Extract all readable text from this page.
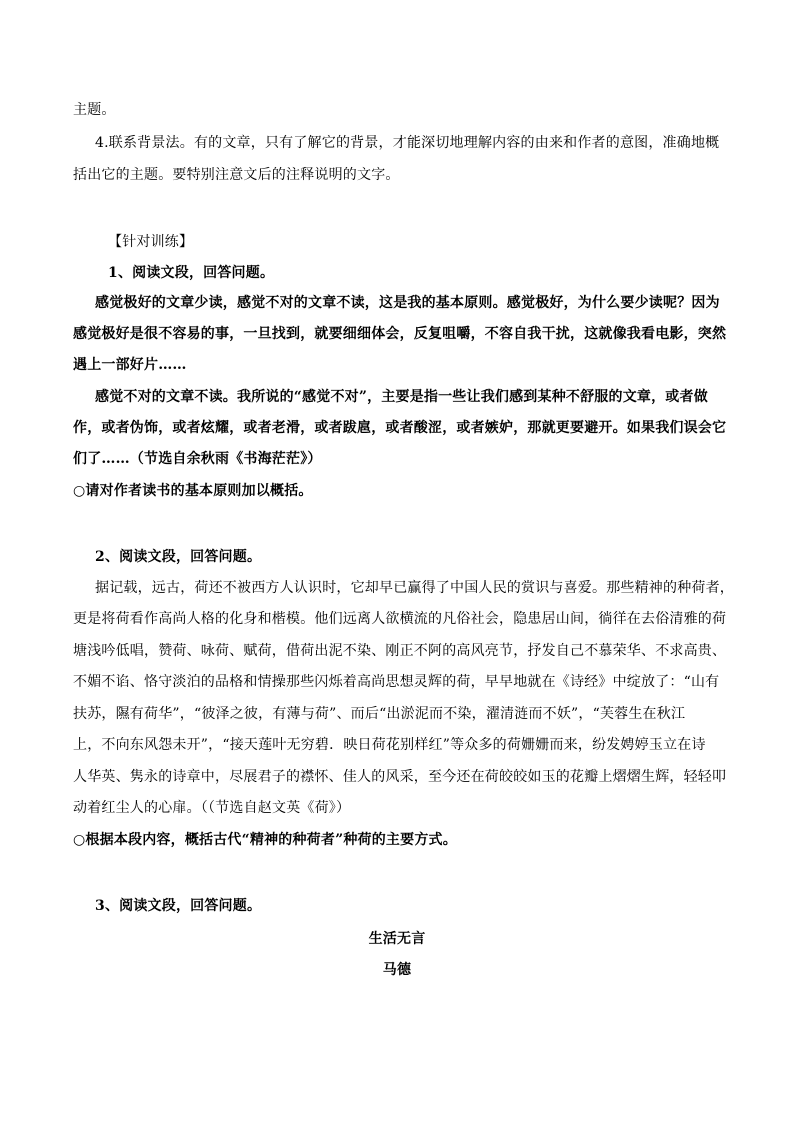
主题。
4.联系背景法。有的文章，只有了解它的背景，才能深切地理解内容的由来和作者的意图，准确地概
括出它的主题。要特别注意文后的注释说明的文字。
【针对训练】
1、阅读文段，回答问题。
感觉极好的文章少读，感觉不对的文章不读，这是我的基本原则。感觉极好，为什么要少读呢？因为
感觉极好是很不容易的事，一旦找到，就要细细体会，反复咀嚼，不容自我干扰，这就像我看电影，突然
遇上一部好片……
感觉不对的文章不读。我所说的“感觉不对”，主要是指一些让我们感到某种不舒服的文章，或者做
作，或者伪饰，或者炫耀，或者老滑，或者跋扈，或者酸涩，或者嫉妒，那就更要避开。如果我们误会它
们了……（节选自余秋雨《书海茫茫》）
○请对作者读书的基本原则加以概括。
2、阅读文段，回答问题。
据记载，远古，荷还不被西方人认识时，它却早已赢得了中国人民的赏识与喜爱。那些精神的种荷者，
更是将荷看作高尚人格的化身和楷模。他们远离人欲横流的凡俗社会，隐患居山间，徜徉在去俗清雅的荷
塘浅吟低唱，赞荷、咏荷、赋荷，借荷出泥不染、刚正不阿的高风亮节，抒发自己不慕荣华、不求高贵、
不媚不谄、恪守淡泊的品格和情操那些闪烁着高尚思想灵辉的荷，早早地就在《诗经》中绽放了：“山有
扶苏，隰有荷华”，“彼泽之彼，有薄与荷”、而后“出淤泥而不染，濯清涟而不妖”，“芙蓉生在秋江
上，不向东风怨未开”，“接天莲叶无穷碧．映日荷花别样红”等众多的荷姗姗而来，纷发娉婷玉立在诗
人华英、隽永的诗章中，尽展君子的襟怀、佳人的风采，至今还在荷皎皎如玉的花瓣上熠熠生辉，轻轻叩
动着红尘人的心扉。（（节选自赵文英《荷》）
○根据本段内容，概括古代“精神的种荷者”种荷的主要方式。
3、阅读文段，回答问题。
生活无言
马德
